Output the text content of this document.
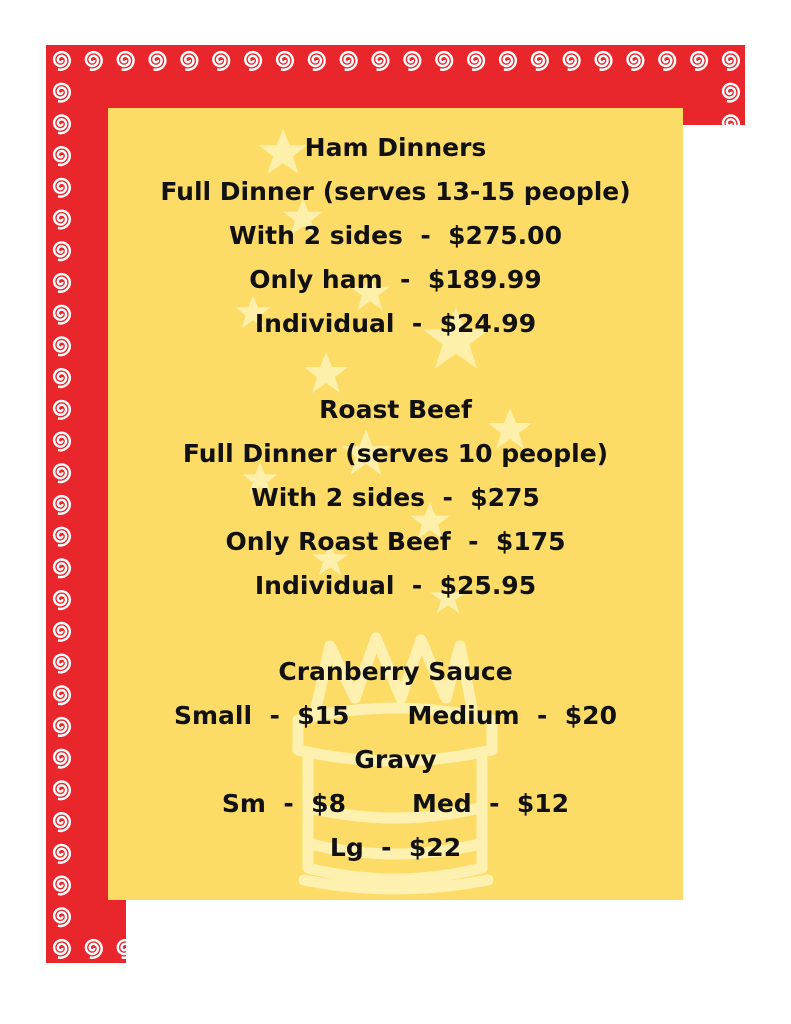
Ham Dinners
Full Dinner (serves 13-15 people)
With 2 sides  -  $275.00
Only ham  -  $189.99
Individual  -  $24.99
Roast Beef
Full Dinner (serves 10 people)
With 2 sides  -  $275
Only Roast Beef  -  $175
Individual  -  $25.95
Cranberry Sauce
Small  -  $15 Medium  -  $20
Gravy
Sm  -  $8	Med  -  $12
Lg  -  $22
